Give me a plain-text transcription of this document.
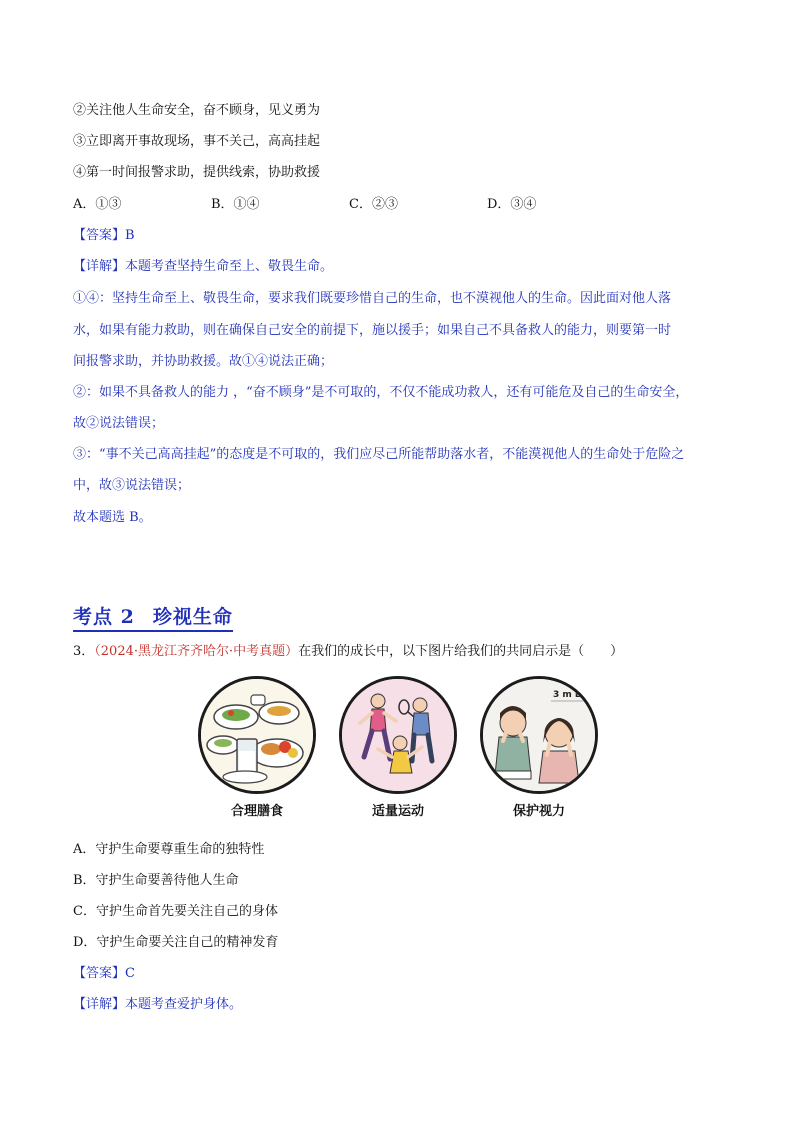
②关注他人生命安全，奋不顾身，见义勇为
③立即离开事故现场，事不关己，高高挂起
④第一时间报警求助，提供线索，协助救援
A．①③	B．①④	C．②③	D．③④
【答案】B
【详解】本题考查坚持生命至上、敬畏生命。
①④：坚持生命至上、敬畏生命，要求我们既要珍惜自己的生命，也不漠视他人的生命。因此面对他人落
水，如果有能力救助，则在确保自己安全的前提下，施以援手；如果自己不具备救人的能力，则要第一时
间报警求助，并协助救援。故①④说法正确；
②：如果不具备救人的能力 ，“奋不顾身”是不可取的，不仅不能成功救人，还有可能危及自己的生命安全，
故②说法错误；
③：“事不关己高高挂起”的态度是不可取的，我们应尽己所能帮助落水者，不能漠视他人的生命处于危险之
中，故③说法错误；
故本题选 B。
考点 2 珍视生命
3．（2024·黑龙江齐齐哈尔·中考真题）在我们的成长中，以下图片给我们的共同启示是（　　）
3 m E
合理膳食	适量运动	保护视力
A．守护生命要尊重生命的独特性
B．守护生命要善待他人生命
C．守护生命首先要关注自己的身体
D．守护生命要关注自己的精神发育
【答案】C
【详解】本题考查爱护身体。
